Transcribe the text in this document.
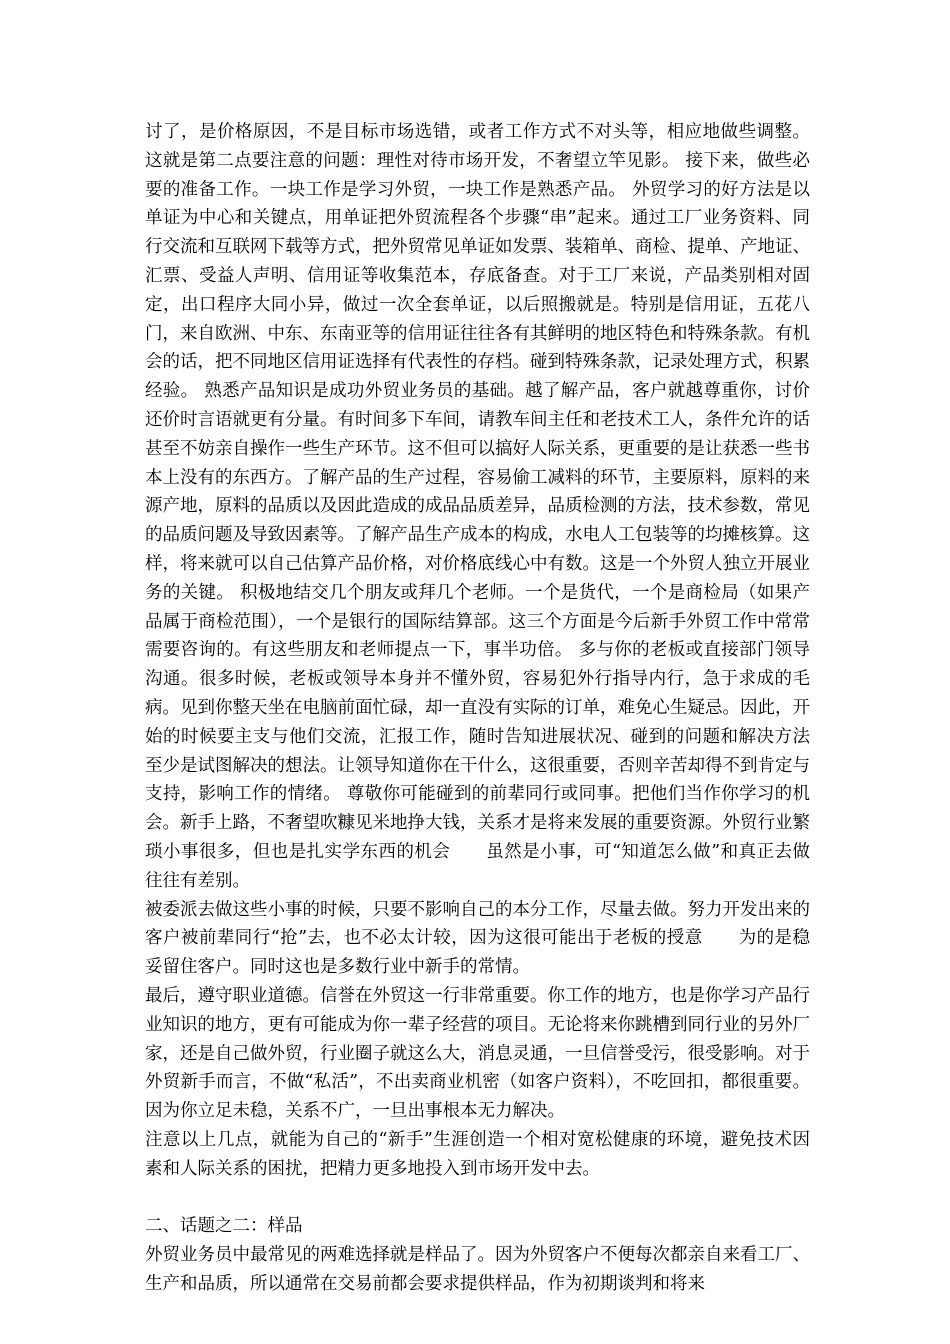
讨了，是价格原因，不是目标市场选错，或者工作方式不对头等，相应地做些调整。 这就是第二点要注意的问题：理性对待市场开发，不奢望立竿见影。 接下来，做些必要的准备工作。一块工作是学习外贸，一块工作是熟悉产品。 外贸学习的好方法是以单证为中心和关键点，用单证把外贸流程各个步骤“串”起来。通过工厂业务资料、同行交流和互联网下载等方式，把外贸常见单证如发票、装箱单、商检、提单、产地证、汇票、受益人声明、信用证等收集范本，存底备查。对于工厂来说，产品类别相对固定，出口程序大同小异，做过一次全套单证，以后照搬就是。特别是信用证，五花八门，来自欧洲、中东、东南亚等的信用证往往各有其鲜明的地区特色和特殊条款。有机会的话，把不同地区信用证选择有代表性的存档。碰到特殊条款，记录处理方式，积累经验。 熟悉产品知识是成功外贸业务员的基础。越了解产品，客户就越尊重你，讨价还价时言语就更有分量。有时间多下车间，请教车间主任和老技术工人，条件允许的话甚至不妨亲自操作一些生产环节。这不但可以搞好人际关系，更重要的是让获悉一些书本上没有的东西方。了解产品的生产过程，容易偷工减料的环节，主要原料，原料的来源产地，原料的品质以及因此造成的成品品质差异，品质检测的方法，技术参数，常见的品质问题及导致因素等。了解产品生产成本的构成，水电人工包装等的均摊核算。这样，将来就可以自己估算产品价格，对价格底线心中有数。这是一个外贸人独立开展业务的关键。 积极地结交几个朋友或拜几个老师。一个是货代，一个是商检局（如果产品属于商检范围），一个是银行的国际结算部。这三个方面是今后新手外贸工作中常常需要咨询的。有这些朋友和老师提点一下，事半功倍。 多与你的老板或直接部门领导沟通。很多时候，老板或领导本身并不懂外贸，容易犯外行指导内行，急于求成的毛病。见到你整天坐在电脑前面忙碌，却一直没有实际的订单，难免心生疑忌。因此，开始的时候要主支与他们交流，汇报工作，随时告知进展状况、碰到的问题和解决方法　　至少是试图解决的想法。让领导知道你在干什么，这很重要，否则辛苦却得不到肯定与支持，影响工作的情绪。 尊敬你可能碰到的前辈同行或同事。把他们当作你学习的机会。新手上路，不奢望吹糠见米地挣大钱，关系才是将来发展的重要资源。外贸行业繁琐小事很多，但也是扎实学东西的机会　　虽然是小事，可“知道怎么做”和真正去做往往有差别。

被委派去做这些小事的时候，只要不影响自己的本分工作，尽量去做。努力开发出来的客户被前辈同行“抢”去，也不必太计较，因为这很可能出于老板的授意　　为的是稳妥留住客户。同时这也是多数行业中新手的常情。

最后，遵守职业道德。信誉在外贸这一行非常重要。你工作的地方，也是你学习产品行业知识的地方，更有可能成为你一辈子经营的项目。无论将来你跳槽到同行业的另外厂家，还是自己做外贸，行业圈子就这么大，消息灵通，一旦信誉受污，很受影响。对于外贸新手而言，不做“私活”，不出卖商业机密（如客户资料），不吃回扣，都很重要。因为你立足未稳，关系不广，一旦出事根本无力解决。

注意以上几点，就能为自己的“新手”生涯创造一个相对宽松健康的环境，避免技术因素和人际关系的困扰，把精力更多地投入到市场开发中去。

二、话题之二：样品

外贸业务员中最常见的两难选择就是样品了。因为外贸客户不便每次都亲自来看工厂、生产和品质，所以通常在交易前都会要求提供样品，作为初期谈判和将来
